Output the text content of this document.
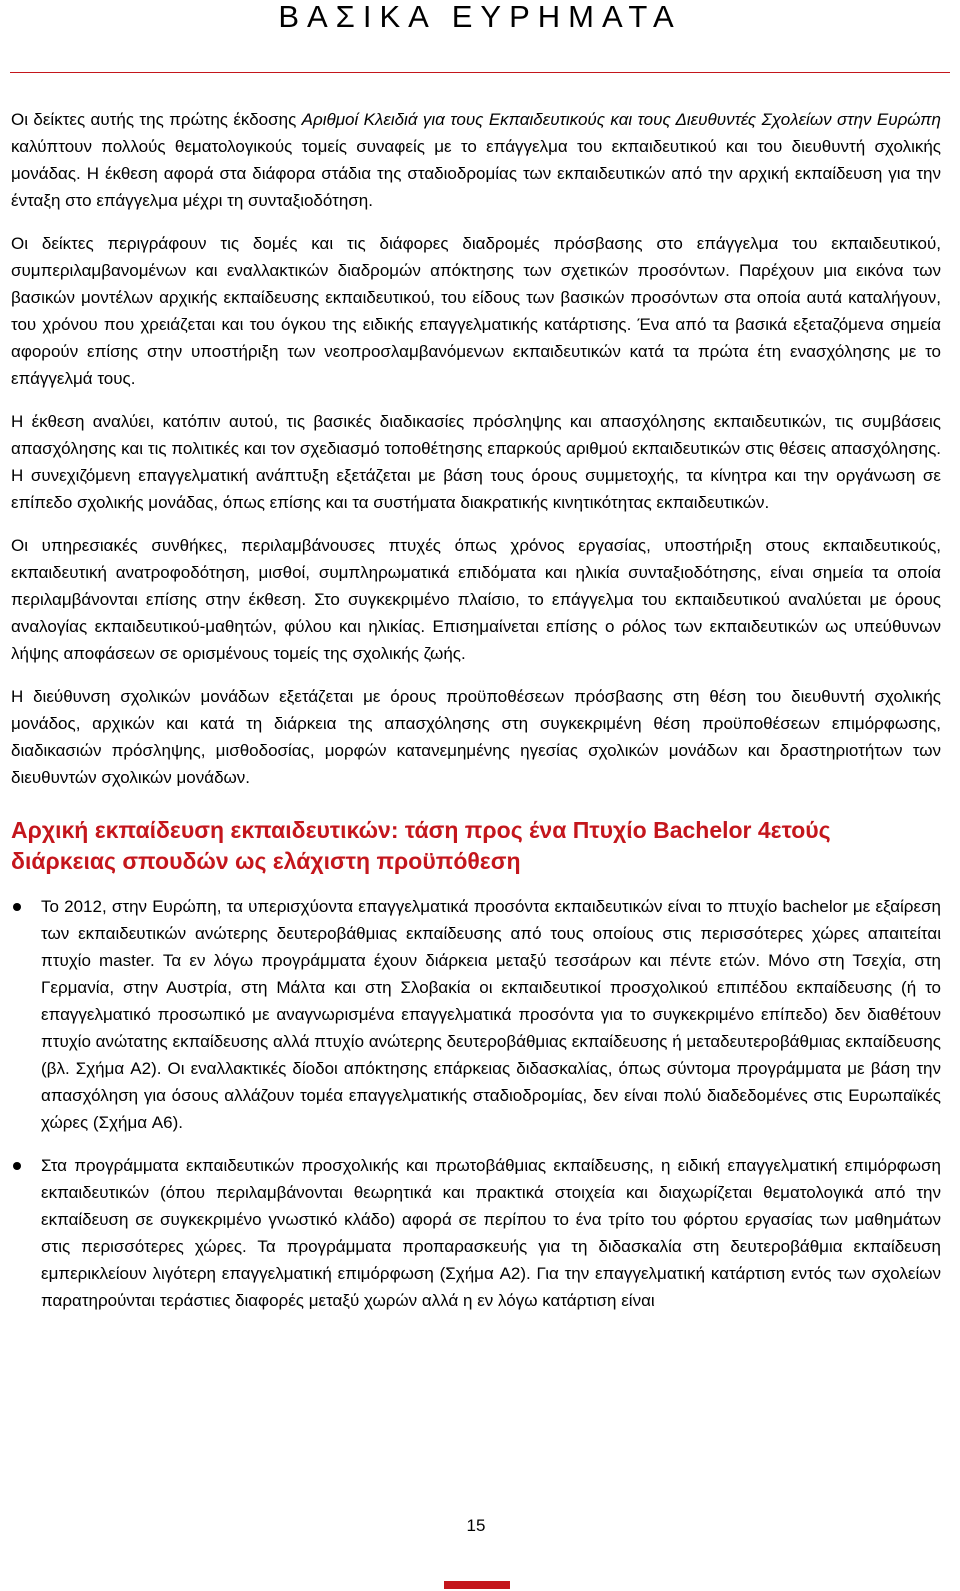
ΒΑΣΙΚΑ ΕΥΡΗΜΑΤΑ

Οι δείκτες αυτής της πρώτης έκδοσης Αριθμοί Κλειδιά για τους Εκπαιδευτικούς και τους Διευθυντές Σχολείων στην Ευρώπη καλύπτουν πολλούς θεματολογικούς τομείς συναφείς με το επάγγελμα του εκπαιδευτικού και του διευθυντή σχολικής μονάδας. Η έκθεση αφορά στα διάφορα στάδια της σταδιοδρομίας των εκπαιδευτικών από την αρχική εκπαίδευση για την ένταξη στο επάγγελμα μέχρι τη συνταξιοδότηση.

Οι δείκτες περιγράφουν τις δομές και τις διάφορες διαδρομές πρόσβασης στο επάγγελμα του εκπαιδευτικού, συμπεριλαμβανομένων και εναλλακτικών διαδρομών απόκτησης των σχετικών προσόντων. Παρέχουν μια εικόνα των βασικών μοντέλων αρχικής εκπαίδευσης εκπαιδευτικού, του είδους των βασικών προσόντων στα οποία αυτά καταλήγουν, του χρόνου που χρειάζεται και του όγκου της ειδικής επαγγελματικής κατάρτισης. Ένα από τα βασικά εξεταζόμενα σημεία αφορούν επίσης στην υποστήριξη των νεοπροσλαμβανόμενων εκπαιδευτικών κατά τα πρώτα έτη ενασχόλησης με το επάγγελμά τους.

Η έκθεση αναλύει, κατόπιν αυτού, τις βασικές διαδικασίες πρόσληψης και απασχόλησης εκπαιδευτικών, τις συμβάσεις απασχόλησης και τις πολιτικές και τον σχεδιασμό τοποθέτησης επαρκούς αριθμού εκπαιδευτικών στις θέσεις απασχόλησης. Η συνεχιζόμενη επαγγελματική ανάπτυξη εξετάζεται με βάση τους όρους συμμετοχής, τα κίνητρα και την οργάνωση σε επίπεδο σχολικής μονάδας, όπως επίσης και τα συστήματα διακρατικής κινητικότητας εκπαιδευτικών.

Οι υπηρεσιακές συνθήκες, περιλαμβάνουσες πτυχές όπως χρόνος εργασίας, υποστήριξη στους εκπαιδευτικούς, εκπαιδευτική ανατροφοδότηση, μισθοί, συμπληρωματικά επιδόματα και ηλικία συνταξιοδότησης, είναι σημεία τα οποία περιλαμβάνονται επίσης στην έκθεση. Στο συγκεκριμένο πλαίσιο, το επάγγελμα του εκπαιδευτικού αναλύεται με όρους αναλογίας εκπαιδευτικού-μαθητών, φύλου και ηλικίας. Επισημαίνεται επίσης ο ρόλος των εκπαιδευτικών ως υπεύθυνων λήψης αποφάσεων σε ορισμένους τομείς της σχολικής ζωής.

Η διεύθυνση σχολικών μονάδων εξετάζεται με όρους προϋποθέσεων πρόσβασης στη θέση του διευθυντή σχολικής μονάδος, αρχικών και κατά τη διάρκεια της απασχόλησης στη συγκεκριμένη θέση προϋποθέσεων επιμόρφωσης, διαδικασιών πρόσληψης, μισθοδοσίας, μορφών κατανεμημένης ηγεσίας σχολικών μονάδων και δραστηριοτήτων των διευθυντών σχολικών μονάδων.

Αρχική εκπαίδευση εκπαιδευτικών: τάση προς ένα Πτυχίο Bachelor 4ετούς διάρκειας σπουδών ως ελάχιστη προϋπόθεση
Το 2012, στην Ευρώπη, τα υπερισχύοντα επαγγελματικά προσόντα εκπαιδευτικών είναι το πτυχίο bachelor με εξαίρεση των εκπαιδευτικών ανώτερης δευτεροβάθμιας εκπαίδευσης από τους οποίους στις περισσότερες χώρες απαιτείται πτυχίο master. Τα εν λόγω προγράμματα έχουν διάρκεια μεταξύ τεσσάρων και πέντε ετών. Μόνο στη Τσεχία, στη Γερμανία, στην Αυστρία, στη Μάλτα και στη Σλοβακία οι εκπαιδευτικοί προσχολικού επιπέδου εκπαίδευσης (ή το επαγγελματικό προσωπικό με αναγνωρισμένα επαγγελματικά προσόντα για το συγκεκριμένο επίπεδο) δεν διαθέτουν πτυχίο ανώτατης εκπαίδευσης αλλά πτυχίο ανώτερης δευτεροβάθμιας εκπαίδευσης ή μεταδευτεροβάθμιας εκπαίδευσης (βλ. Σχήμα A2). Οι εναλλακτικές δίοδοι απόκτησης επάρκειας διδασκαλίας, όπως σύντομα προγράμματα με βάση την απασχόληση για όσους αλλάζουν τομέα επαγγελματικής σταδιοδρομίας, δεν είναι πολύ διαδεδομένες στις Ευρωπαϊκές χώρες (Σχήμα A6).
Στα προγράμματα εκπαιδευτικών προσχολικής και πρωτοβάθμιας εκπαίδευσης, η ειδική επαγγελματική επιμόρφωση εκπαιδευτικών (όπου περιλαμβάνονται θεωρητικά και πρακτικά στοιχεία και διαχωρίζεται θεματολογικά από την εκπαίδευση σε συγκεκριμένο γνωστικό κλάδο) αφορά σε περίπου το ένα τρίτο του φόρτου εργασίας των μαθημάτων στις περισσότερες χώρες. Τα προγράμματα προπαρασκευής για τη διδασκαλία στη δευτεροβάθμια εκπαίδευση εμπερικλείουν λιγότερη επαγγελματική επιμόρφωση (Σχήμα A2). Για την επαγγελματική κατάρτιση εντός των σχολείων παρατηρούνται τεράστιες διαφορές μεταξύ χωρών αλλά η εν λόγω κατάρτιση είναι
15
